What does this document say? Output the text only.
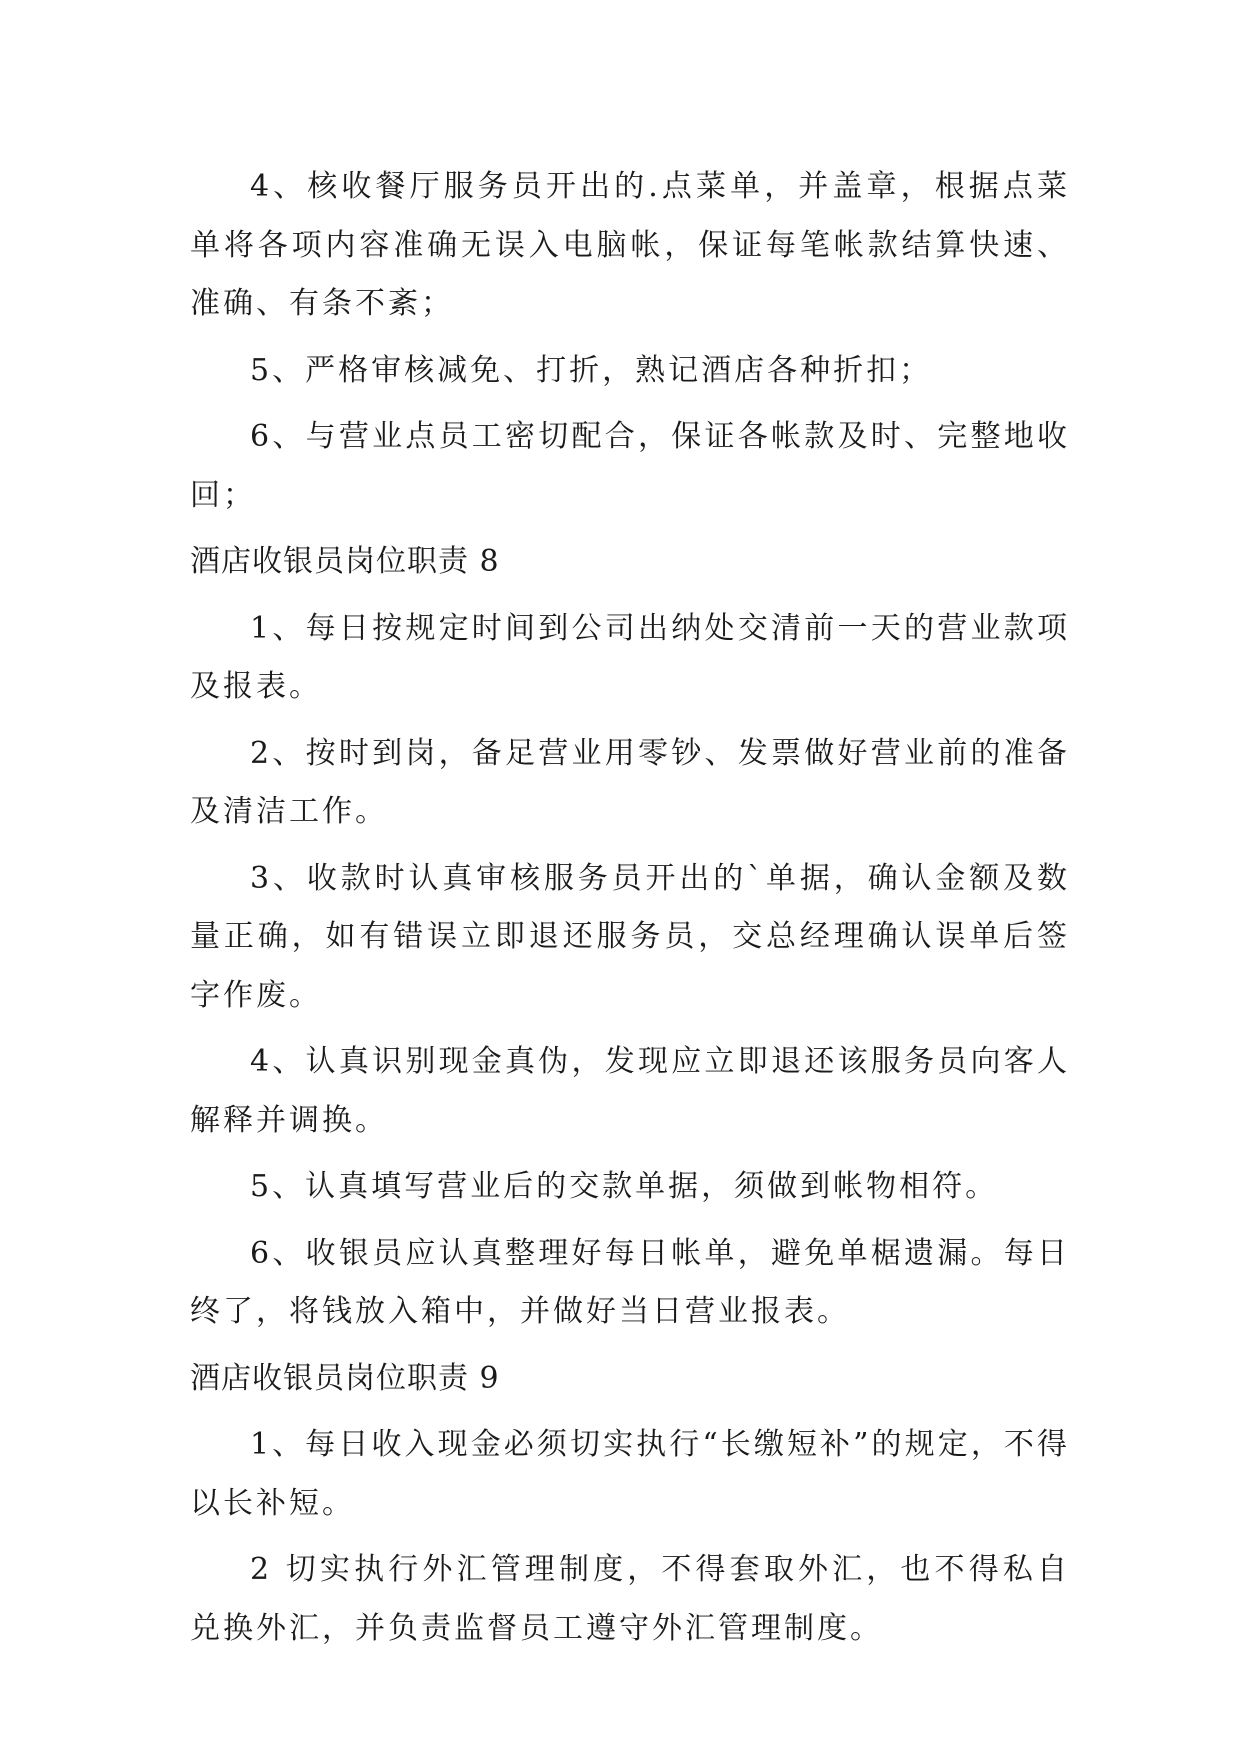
4、核收餐厅服务员开出的.点菜单，并盖章，根据点菜单将各项内容准确无误入电脑帐，保证每笔帐款结算快速、准确、有条不紊；

5、严格审核减免、打折，熟记酒店各种折扣；

6、与营业点员工密切配合，保证各帐款及时、完整地收回；

酒店收银员岗位职责 8

1、每日按规定时间到公司出纳处交清前一天的营业款项及报表。

2、按时到岗，备足营业用零钞、发票做好营业前的准备及清洁工作。

3、收款时认真审核服务员开出的`单据，确认金额及数量正确，如有错误立即退还服务员，交总经理确认误单后签字作废。

4、认真识别现金真伪，发现应立即退还该服务员向客人解释并调换。

5、认真填写营业后的交款单据，须做到帐物相符。

6、收银员应认真整理好每日帐单，避免单椐遗漏。每日终了，将钱放入箱中，并做好当日营业报表。

酒店收银员岗位职责 9

1、每日收入现金必须切实执行“长缴短补”的规定，不得以长补短。

2 切实执行外汇管理制度，不得套取外汇，也不得私自兑换外汇，并负责监督员工遵守外汇管理制度。
